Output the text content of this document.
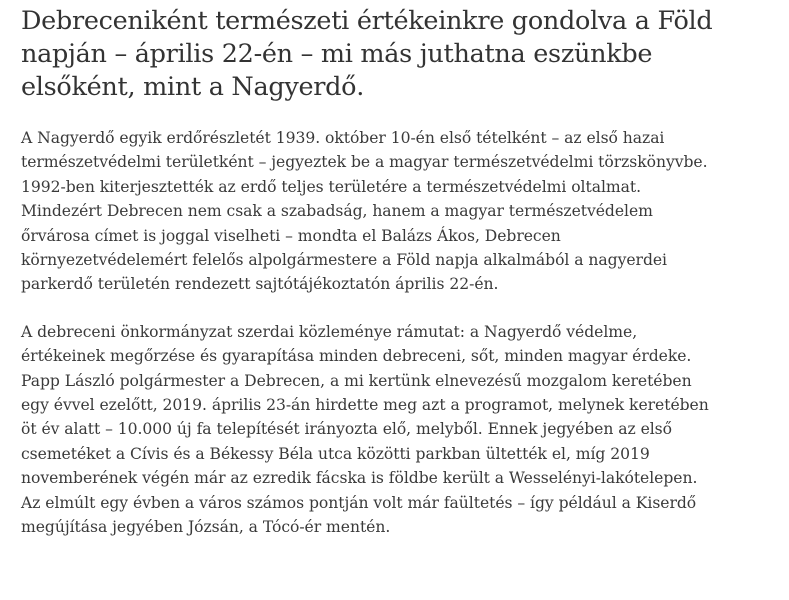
Debreceniként természeti értékeinkre gondolva a Föld
napján – április 22-én – mi más juthatna eszünkbe
elsőként, mint a Nagyerdő.

A Nagyerdő egyik erdőrészletét 1939. október 10-én első tételként – az első hazai
természetvédelmi területként – jegyeztek be a magyar természetvédelmi törzskönyvbe.
1992-ben kiterjesztették az erdő teljes területére a természetvédelmi oltalmat.
Mindezért Debrecen nem csak a szabadság, hanem a magyar természetvédelem
őrvárosa címet is joggal viselheti – mondta el Balázs Ákos, Debrecen
környezetvédelemért felelős alpolgármestere a Föld napja alkalmából a nagyerdei
parkerdő területén rendezett sajtótájékoztatón április 22-én.

A debreceni önkormányzat szerdai közleménye rámutat: a Nagyerdő védelme,
értékeinek megőrzése és gyarapítása minden debreceni, sőt, minden magyar érdeke.
Papp László polgármester a Debrecen, a mi kertünk elnevezésű mozgalom keretében
egy évvel ezelőtt, 2019. április 23-án hirdette meg azt a programot, melynek keretében
öt év alatt – 10.000 új fa telepítését irányozta elő, melyből. Ennek jegyében az első
csemetéket a Cívis és a Békessy Béla utca közötti parkban ültették el, míg 2019
novemberének végén már az ezredik fácska is földbe került a Wesselényi-lakótelepen.
Az elmúlt egy évben a város számos pontján volt már faültetés – így például a Kiserdő
megújítása jegyében Józsán, a Tócó-ér mentén.
